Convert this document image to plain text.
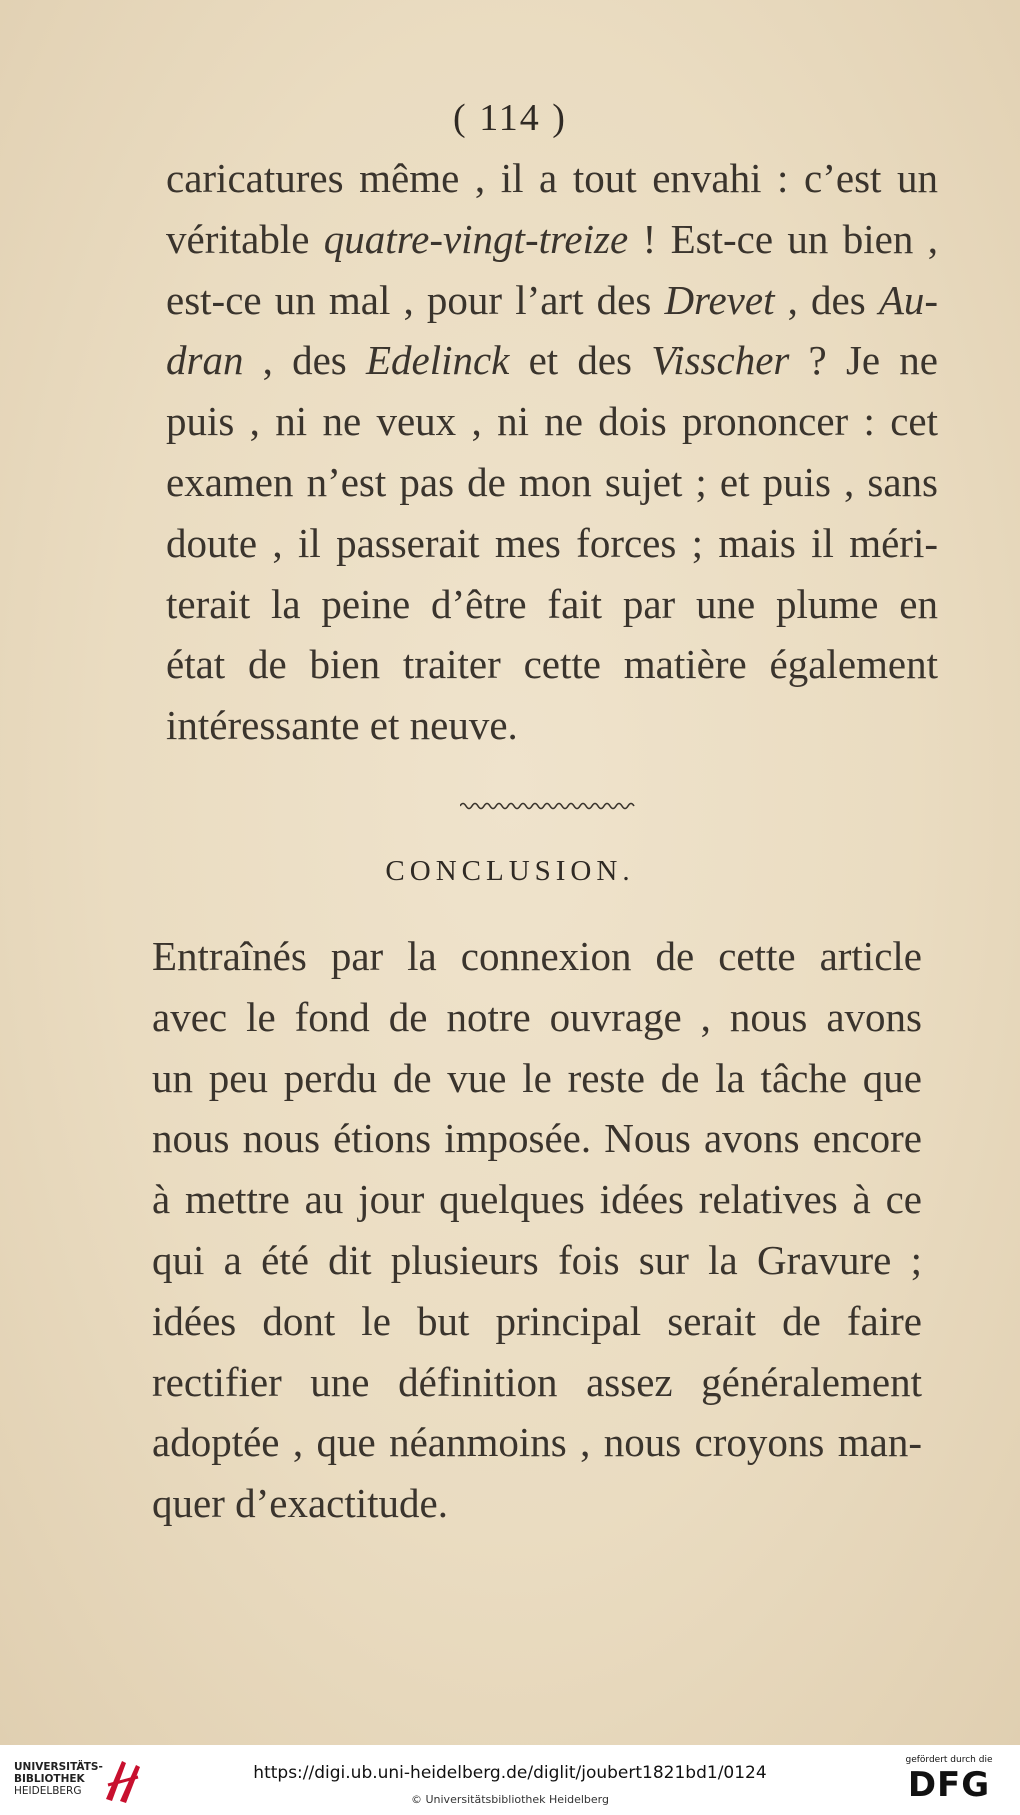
( 114 )
caricatures même , il a tout envahi : c’est un
véritable quatre-vingt-treize ! Est-ce un bien ,
est-ce un mal , pour l’art des Drevet , des Au-
dran , des Edelinck et des Visscher ? Je ne
puis , ni ne veux , ni ne dois prononcer : cet
examen n’est pas de mon sujet ; et puis , sans
doute , il passerait mes forces ; mais il méri-
terait la peine d’être fait par une plume en
état de bien traiter cette matière également
intéressante et neuve.
CONCLUSION.
Entraînés par la connexion de cette article
avec le fond de notre ouvrage , nous avons
un peu perdu de vue le reste de la tâche que
nous nous étions imposée. Nous avons encore
à mettre au jour quelques idées relatives à ce
qui a été dit plusieurs fois sur la Gravure ;
idées dont le but principal serait de faire
rectifier une définition assez généralement
adoptée , que néanmoins , nous croyons man-
quer d’exactitude.
UNIVERSITÄTS-
BIBLIOTHEK
HEIDELBERG
https://digi.ub.uni-heidelberg.de/diglit/joubert1821bd1/0124
© Universitätsbibliothek Heidelberg
gefördert durch die
DFG
